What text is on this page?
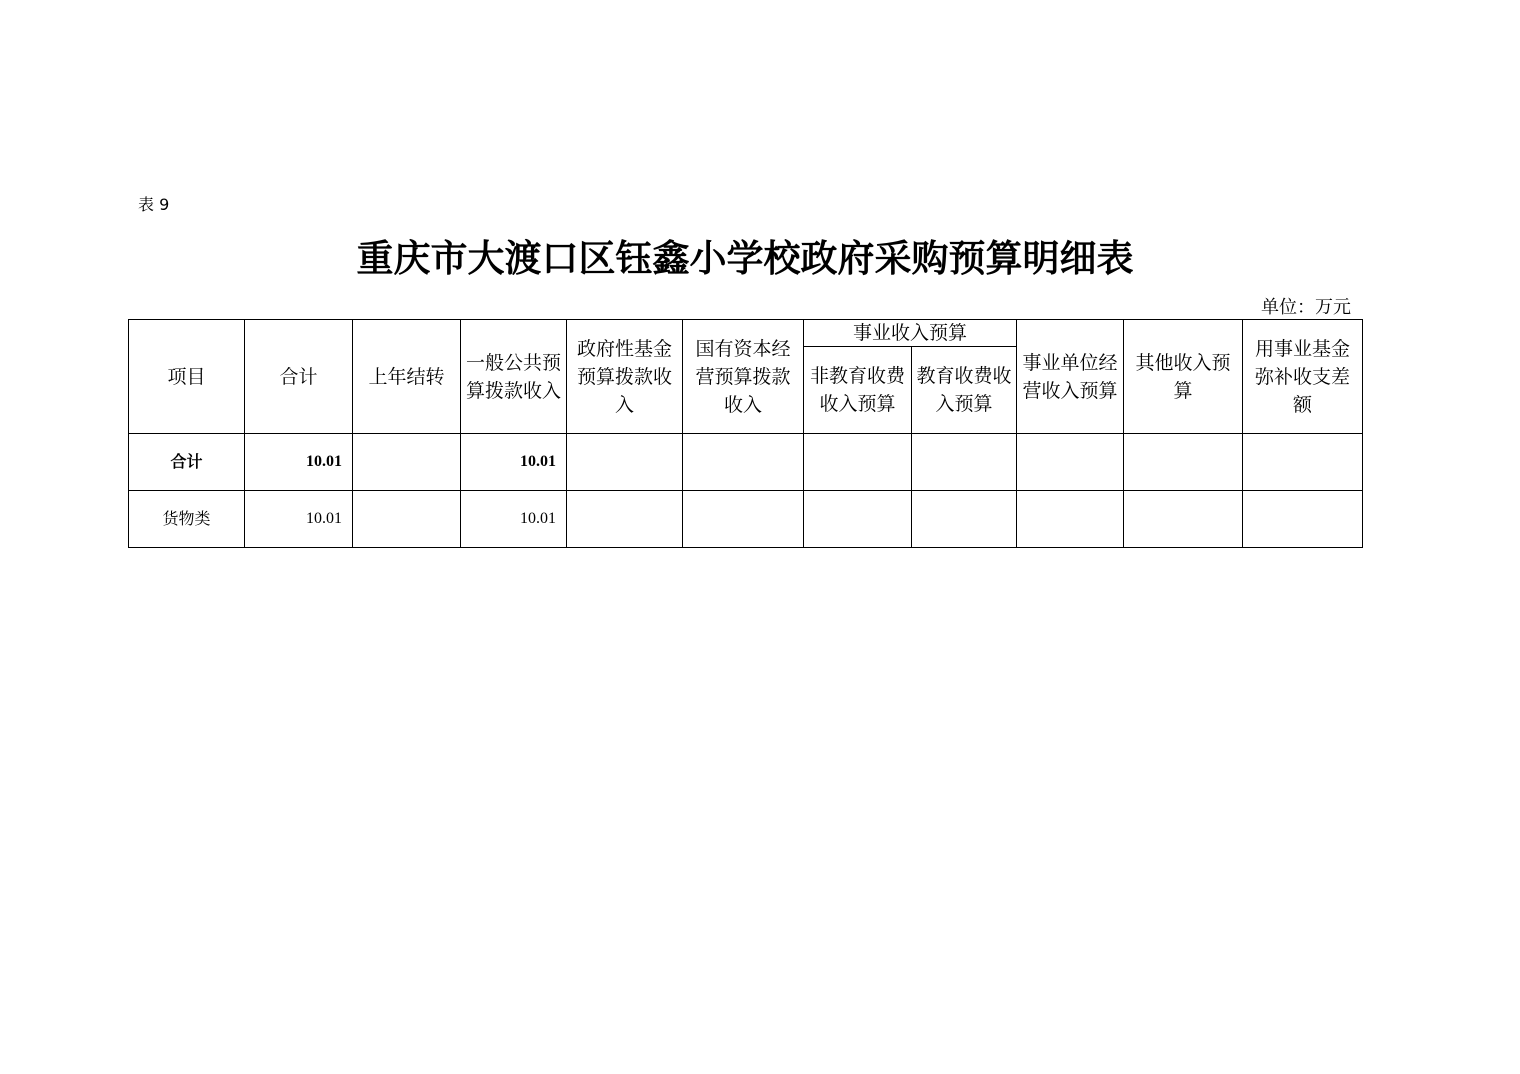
表 9
重庆市大渡口区钰鑫小学校政府采购预算明细表
单位：万元
项目	合计	上年结转	一般公共预算拨款收入	政府性基金预算拨款收入	国有资本经营预算拨款收入	事业收入预算		事业单位经营收入预算	其他收入预算	用事业基金弥补收支差额
						非教育收费收入预算	教育收费收入预算			
合计	10.01		10.01							
货物类	10.01		10.01							
